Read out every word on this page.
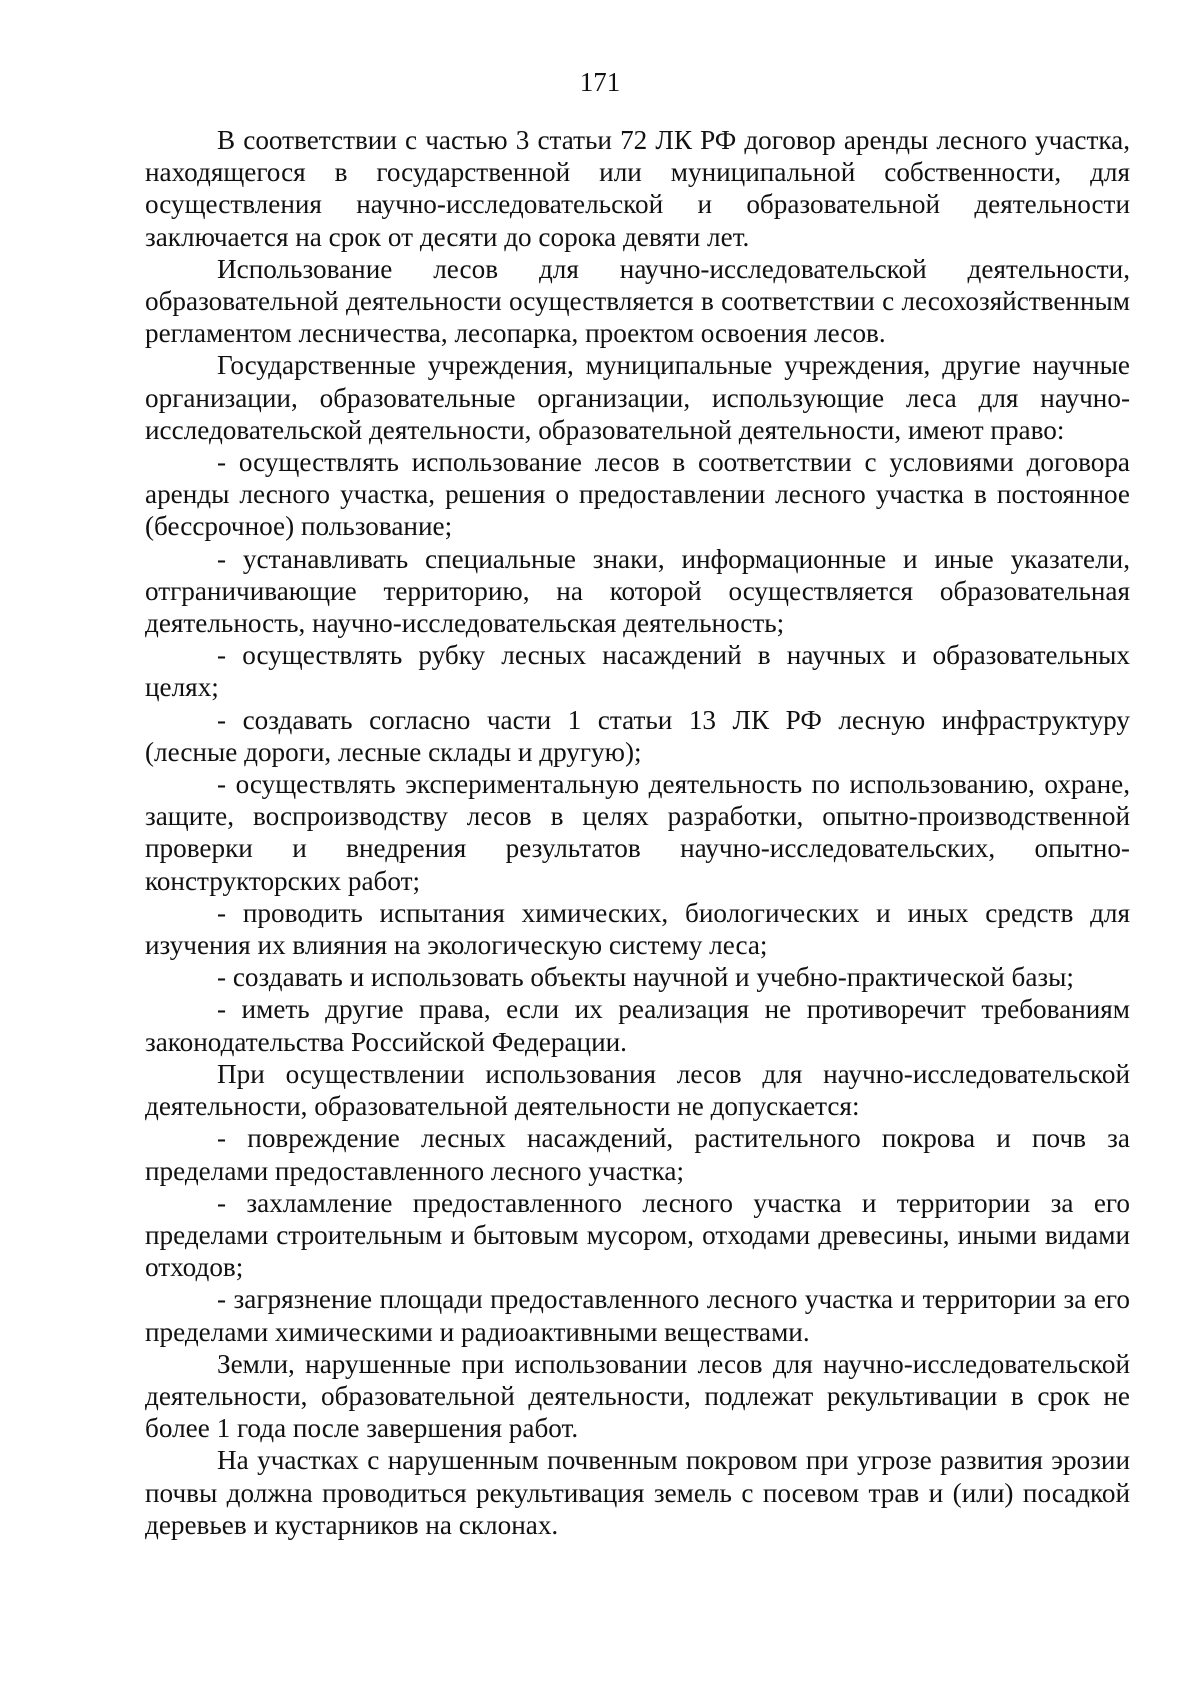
171

В соответствии с частью 3 статьи 72 ЛК РФ договор аренды лесного участка, находящегося в государственной или муниципальной собственности, для осуществления научно-исследовательской и образовательной деятельности заключается на срок от десяти до сорока девяти лет.

Использование лесов для научно-исследовательской деятельности, образовательной деятельности осуществляется в соответствии с лесохозяйственным регламентом лесничества, лесопарка, проектом освоения лесов.

Государственные учреждения, муниципальные учреждения, другие научные организации, образовательные организации, использующие леса для научно-исследовательской деятельности, образовательной деятельности, имеют право:

- осуществлять использование лесов в соответствии с условиями договора аренды лесного участка, решения о предоставлении лесного участка в постоянное (бессрочное) пользование;

- устанавливать специальные знаки, информационные и иные указатели, отграничивающие территорию, на которой осуществляется образовательная деятельность, научно-исследовательская деятельность;

- осуществлять рубку лесных насаждений в научных и образовательных целях;

- создавать согласно части 1 статьи 13 ЛК РФ лесную инфраструктуру (лесные дороги, лесные склады и другую);

- осуществлять экспериментальную деятельность по использованию, охране, защите, воспроизводству лесов в целях разработки, опытно-производственной проверки и внедрения результатов научно-исследовательских, опытно-конструкторских работ;

- проводить испытания химических, биологических и иных средств для изучения их влияния на экологическую систему леса;

- создавать и использовать объекты научной и учебно-практической базы;

- иметь другие права, если их реализация не противоречит требованиям законодательства Российской Федерации.

При осуществлении использования лесов для научно-исследовательской деятельности, образовательной деятельности не допускается:

- повреждение лесных насаждений, растительного покрова и почв за пределами предоставленного лесного участка;

- захламление предоставленного лесного участка и территории за его пределами строительным и бытовым мусором, отходами древесины, иными видами отходов;

- загрязнение площади предоставленного лесного участка и территории за его пределами химическими и радиоактивными веществами.

Земли, нарушенные при использовании лесов для научно-исследовательской деятельности, образовательной деятельности, подлежат рекультивации в срок не более 1 года после завершения работ.

На участках с нарушенным почвенным покровом при угрозе развития эрозии почвы должна проводиться рекультивация земель с посевом трав и (или) посадкой деревьев и кустарников на склонах.
